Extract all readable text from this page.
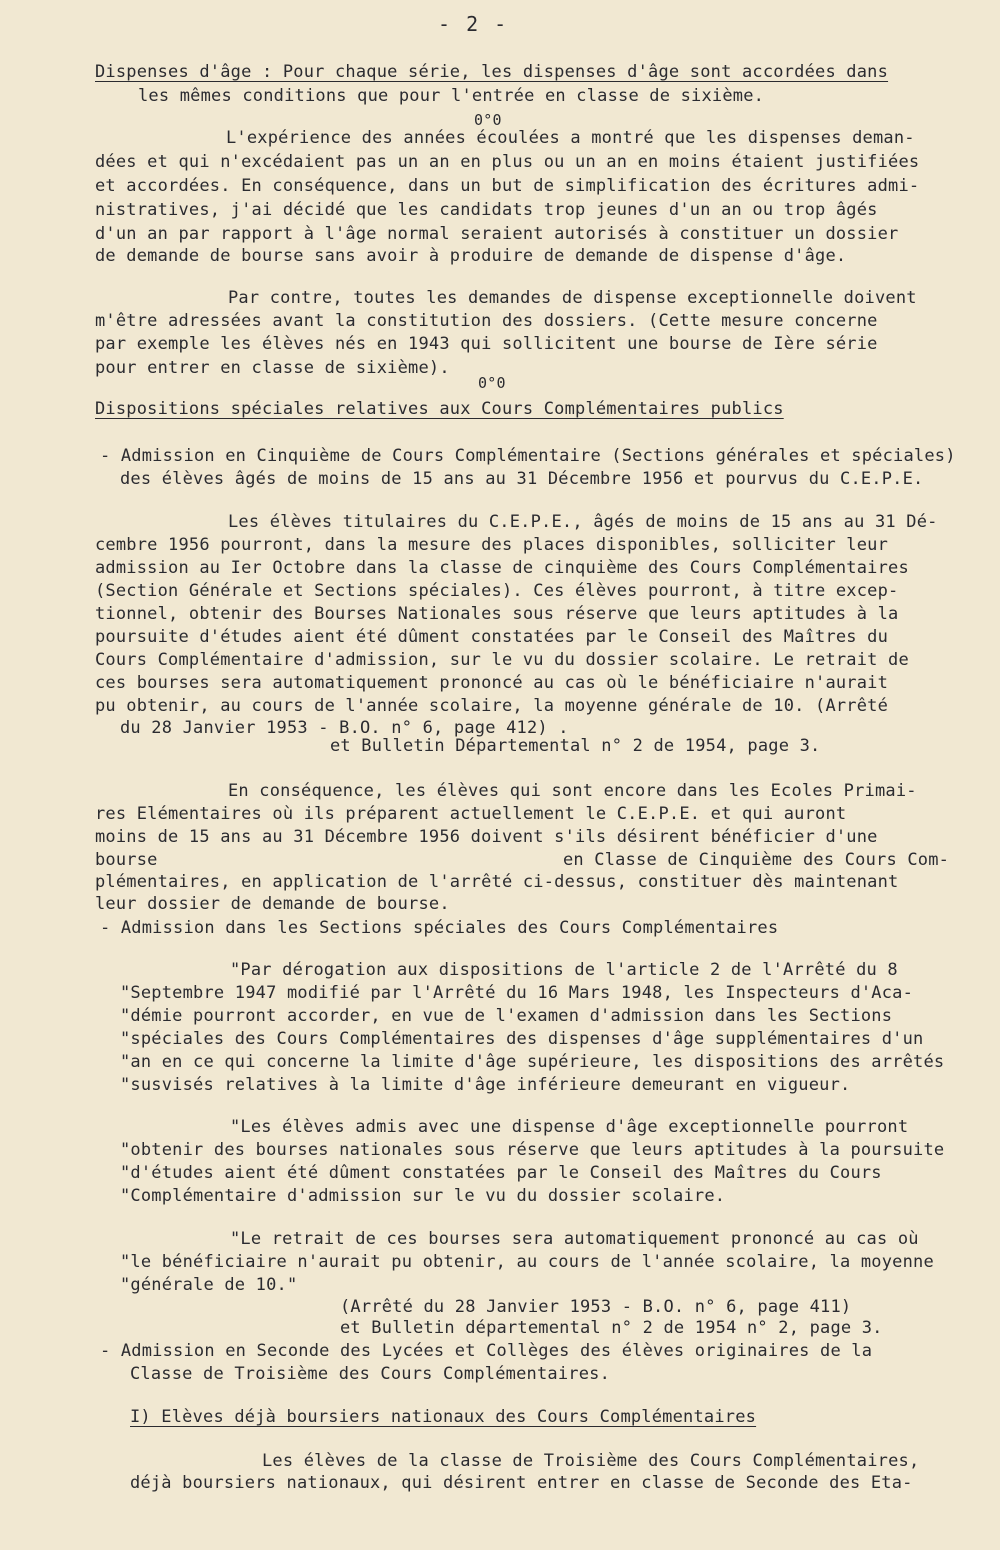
- 2 -
0°0
0°0
Dispenses d'âge : Pour chaque série, les dispenses d'âge sont accordées dans
les mêmes conditions que pour l'entrée en classe de sixième.
L'expérience des années écoulées a montré que les dispenses deman-
dées et qui n'excédaient pas un an en plus ou un an en moins étaient justifiées
et accordées. En conséquence, dans un but de simplification des écritures admi-
nistratives, j'ai décidé que les candidats trop jeunes d'un an ou trop âgés
d'un an par rapport à l'âge normal seraient autorisés à constituer un dossier
de demande de bourse sans avoir à produire de demande de dispense d'âge.
Par contre, toutes les demandes de dispense exceptionnelle doivent
m'être adressées avant la constitution des dossiers. (Cette mesure concerne
par exemple les élèves nés en 1943 qui sollicitent une bourse de Ière série
pour entrer en classe de sixième).
Dispositions spéciales relatives aux Cours Complémentaires publics
- Admission en Cinquième de Cours Complémentaire (Sections générales et spéciales)
des élèves âgés de moins de 15 ans au 31 Décembre 1956 et pourvus du C.E.P.E.
Les élèves titulaires du C.E.P.E., âgés de moins de 15 ans au 31 Dé-
cembre 1956 pourront, dans la mesure des places disponibles, solliciter leur
admission au Ier Octobre dans la classe de cinquième des Cours Complémentaires
(Section Générale et Sections spéciales). Ces élèves pourront, à titre excep-
tionnel, obtenir des Bourses Nationales sous réserve que leurs aptitudes à la
poursuite d'études aient été dûment constatées par le Conseil des Maîtres du
Cours Complémentaire d'admission, sur le vu du dossier scolaire. Le retrait de
ces bourses sera automatiquement prononcé au cas où le bénéficiaire n'aurait
pu obtenir, au cours de l'année scolaire, la moyenne générale de 10. (Arrêté
du 28 Janvier 1953 - B.O. n° 6, page 412) .
et Bulletin Départemental n° 2 de 1954, page 3.
En conséquence, les élèves qui sont encore dans les Ecoles Primai-
res Elémentaires où ils préparent actuellement le C.E.P.E. et qui auront
moins de 15 ans au 31 Décembre 1956 doivent s'ils désirent bénéficier d'une
bourse	en Classe de Cinquième des Cours Com-
plémentaires, en application de l'arrêté ci-dessus, constituer dès maintenant
leur dossier de demande de bourse.
- Admission dans les Sections spéciales des Cours Complémentaires
"Par dérogation aux dispositions de l'article 2 de l'Arrêté du 8
"Septembre 1947 modifié par l'Arrêté du 16 Mars 1948, les Inspecteurs d'Aca-
"démie pourront accorder, en vue de l'examen d'admission dans les Sections
"spéciales des Cours Complémentaires des dispenses d'âge supplémentaires d'un
"an en ce qui concerne la limite d'âge supérieure, les dispositions des arrêtés
"susvisés relatives à la limite d'âge inférieure demeurant en vigueur.
"Les élèves admis avec une dispense d'âge exceptionnelle pourront
"obtenir des bourses nationales sous réserve que leurs aptitudes à la poursuite
"d'études aient été dûment constatées par le Conseil des Maîtres du Cours
"Complémentaire d'admission sur le vu du dossier scolaire.
"Le retrait de ces bourses sera automatiquement prononcé au cas où
"le bénéficiaire n'aurait pu obtenir, au cours de l'année scolaire, la moyenne
"générale de 10."
(Arrêté du 28 Janvier 1953 - B.O. n° 6, page 411)
et Bulletin départemental n° 2 de 1954 n° 2, page 3.
- Admission en Seconde des Lycées et Collèges des élèves originaires de la
Classe de Troisième des Cours Complémentaires.
I) Elèves déjà boursiers nationaux des Cours Complémentaires
Les élèves de la classe de Troisième des Cours Complémentaires,
déjà boursiers nationaux, qui désirent entrer en classe de Seconde des Eta-
